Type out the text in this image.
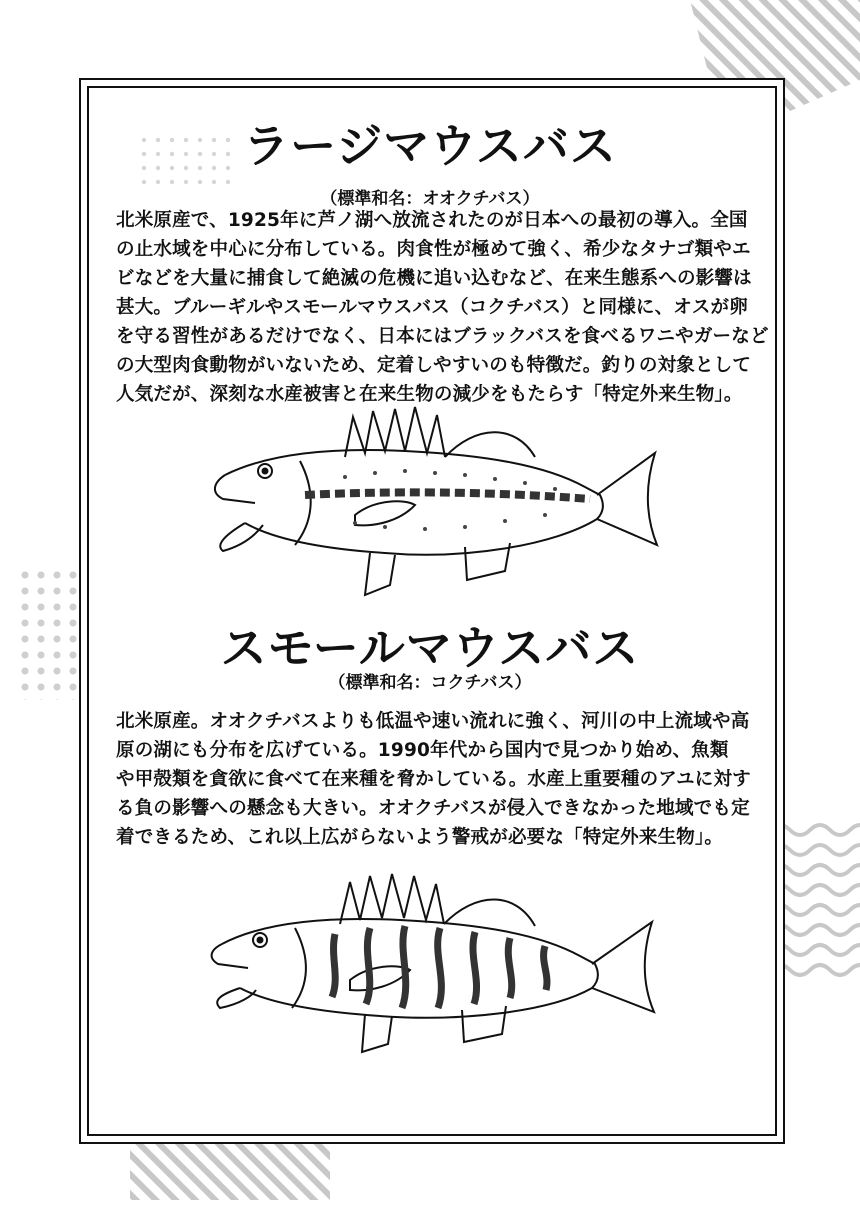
ラージマウスバス

（標準和名：オオクチバス）

北米原産で、1925年に芦ノ湖へ放流されたのが日本への最初の導入。全国
の止水域を中心に分布している。肉食性が極めて強く、希少なタナゴ類やエ
ビなどを大量に捕食して絶滅の危機に追い込むなど、在来生態系への影響は
甚大。ブルーギルやスモールマウスバス（コクチバス）と同様に、オスが卵
を守る習性があるだけでなく、日本にはブラックバスを食べるワニやガーなど
の大型肉食動物がいないため、定着しやすいのも特徴だ。釣りの対象として
人気だが、深刻な水産被害と在来生物の減少をもたらす「特定外来生物」。
スモールマウスバス

（標準和名：コクチバス）

北米原産。オオクチバスよりも低温や速い流れに強く、河川の中上流域や高
原の湖にも分布を広げている。1990年代から国内で見つかり始め、魚類
や甲殻類を貪欲に食べて在来種を脅かしている。水産上重要種のアユに対す
る負の影響への懸念も大きい。オオクチバスが侵入できなかった地域でも定
着できるため、これ以上広がらないよう警戒が必要な「特定外来生物」。
